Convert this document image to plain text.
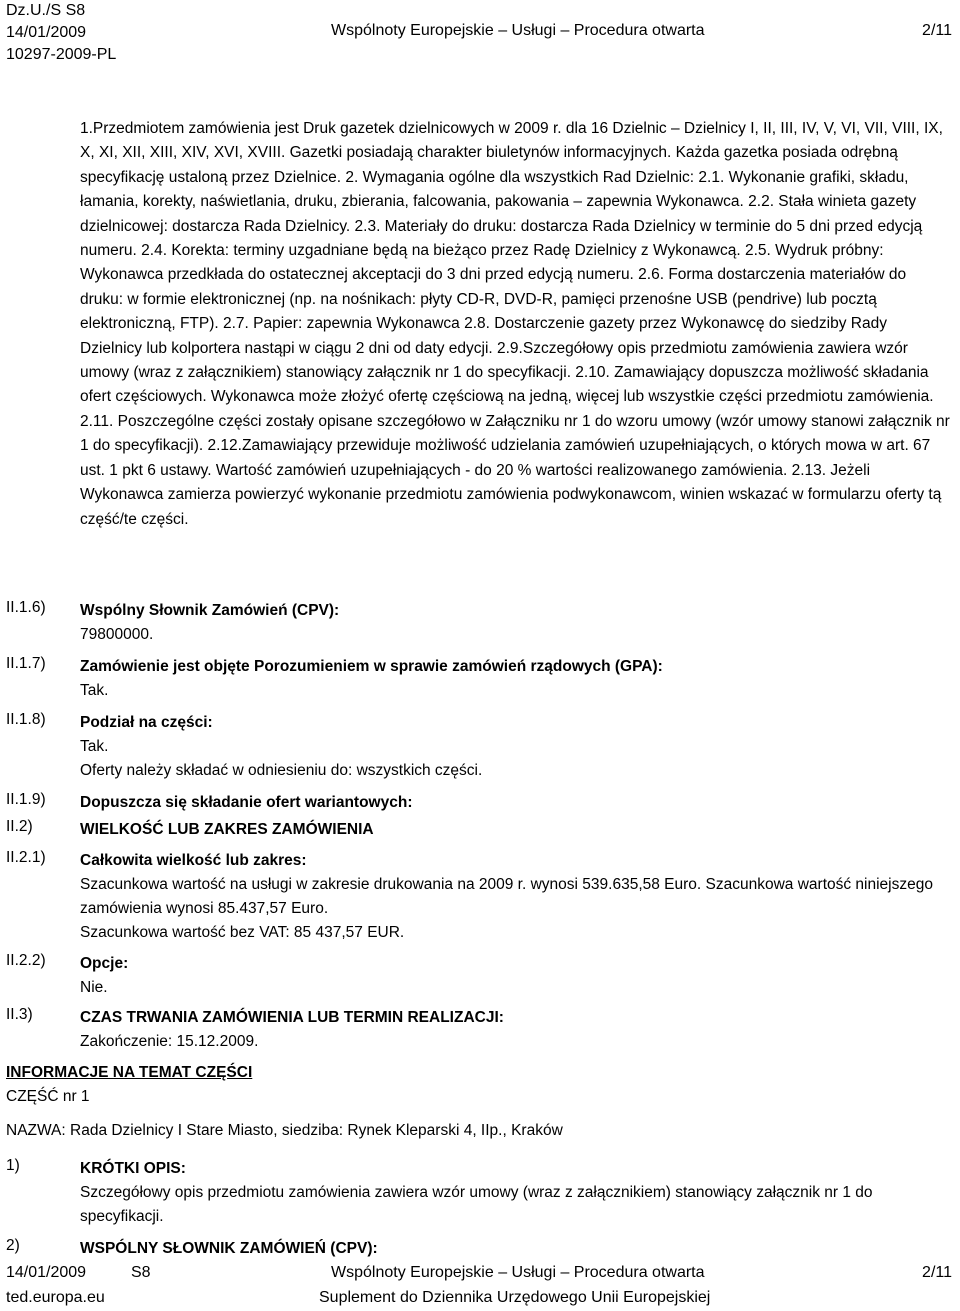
Dz.U./S S8
14/01/2009
10297-2009-PL
Wspólnoty Europejskie – Usługi – Procedura otwarta	2/11
1.Przedmiotem zamówienia jest Druk gazetek dzielnicowych w 2009 r. dla 16 Dzielnic – Dzielnicy I, II, III, IV, V, VI, VII, VIII, IX, X, XI, XII, XIII, XIV, XVI, XVIII. Gazetki posiadają charakter biuletynów informacyjnych. Każda gazetka posiada odrębną specyfikację ustaloną przez Dzielnice. 2. Wymagania ogólne dla wszystkich Rad Dzielnic: 2.1. Wykonanie grafiki, składu, łamania, korekty, naświetlania, druku, zbierania, falcowania, pakowania – zapewnia Wykonawca. 2.2. Stała winieta gazety dzielnicowej: dostarcza Rada Dzielnicy. 2.3. Materiały do druku: dostarcza Rada Dzielnicy w terminie do 5 dni przed edycją numeru. 2.4. Korekta: terminy uzgadniane będą na bieżąco przez Radę Dzielnicy z Wykonawcą. 2.5. Wydruk próbny: Wykonawca przedkłada do ostatecznej akceptacji do 3 dni przed edycją numeru. 2.6. Forma dostarczenia materiałów do druku: w formie elektronicznej (np. na nośnikach: płyty CD-R, DVD-R, pamięci przenośne USB (pendrive) lub pocztą elektroniczną, FTP). 2.7. Papier: zapewnia Wykonawca 2.8. Dostarczenie gazety przez Wykonawcę do siedziby Rady Dzielnicy lub kolportera nastąpi w ciągu 2 dni od daty edycji. 2.9.Szczegółowy opis przedmiotu zamówienia zawiera wzór umowy (wraz z załącznikiem) stanowiący załącznik nr 1 do specyfikacji. 2.10. Zamawiający dopuszcza możliwość składania ofert częściowych. Wykonawca może złożyć ofertę częściową na jedną, więcej lub wszystkie części przedmiotu zamówienia. 2.11. Poszczególne części zostały opisane szczegółowo w Załączniku nr 1 do wzoru umowy (wzór umowy stanowi załącznik nr 1 do specyfikacji). 2.12.Zamawiający przewiduje możliwość udzielania zamówień uzupełniających, o których mowa w art. 67 ust. 1 pkt 6 ustawy. Wartość zamówień uzupełniających - do 20 % wartości realizowanego zamówienia. 2.13. Jeżeli Wykonawca zamierza powierzyć wykonanie przedmiotu zamówienia podwykonawcom, winien wskazać w formularzu oferty tą część/te części.
II.1.6)	Wspólny Słownik Zamówień (CPV):
79800000.
II.1.7)	Zamówienie jest objęte Porozumieniem w sprawie zamówień rządowych (GPA):
Tak.
II.1.8)	Podział na części:
Tak.
Oferty należy składać w odniesieniu do: wszystkich części.
II.1.9)	Dopuszcza się składanie ofert wariantowych:
II.2)	WIELKOŚĆ LUB ZAKRES ZAMÓWIENIA
II.2.1)	Całkowita wielkość lub zakres:
Szacunkowa wartość na usługi w zakresie drukowania na 2009 r. wynosi 539.635,58 Euro. Szacunkowa wartość niniejszego zamówienia wynosi 85.437,57 Euro.
Szacunkowa wartość bez VAT: 85 437,57 EUR.
II.2.2)	Opcje:
Nie.
II.3)	CZAS TRWANIA ZAMÓWIENIA LUB TERMIN REALIZACJI:
Zakończenie: 15.12.2009.
INFORMACJE NA TEMAT CZĘŚCI
CZĘŚĆ nr 1
NAZWA: Rada Dzielnicy I Stare Miasto, siedziba: Rynek Kleparski 4, IIp., Kraków
1)	KRÓTKI OPIS:
Szczegółowy opis przedmiotu zamówienia zawiera wzór umowy (wraz z załącznikiem) stanowiący załącznik nr 1 do specyfikacji.
2)	WSPÓLNY SŁOWNIK ZAMÓWIEŃ (CPV):
14/01/2009	S8
ted.europa.eu
Wspólnoty Europejskie – Usługi – Procedura otwarta
Suplement do Dziennika Urzędowego Unii Europejskiej
2/11
